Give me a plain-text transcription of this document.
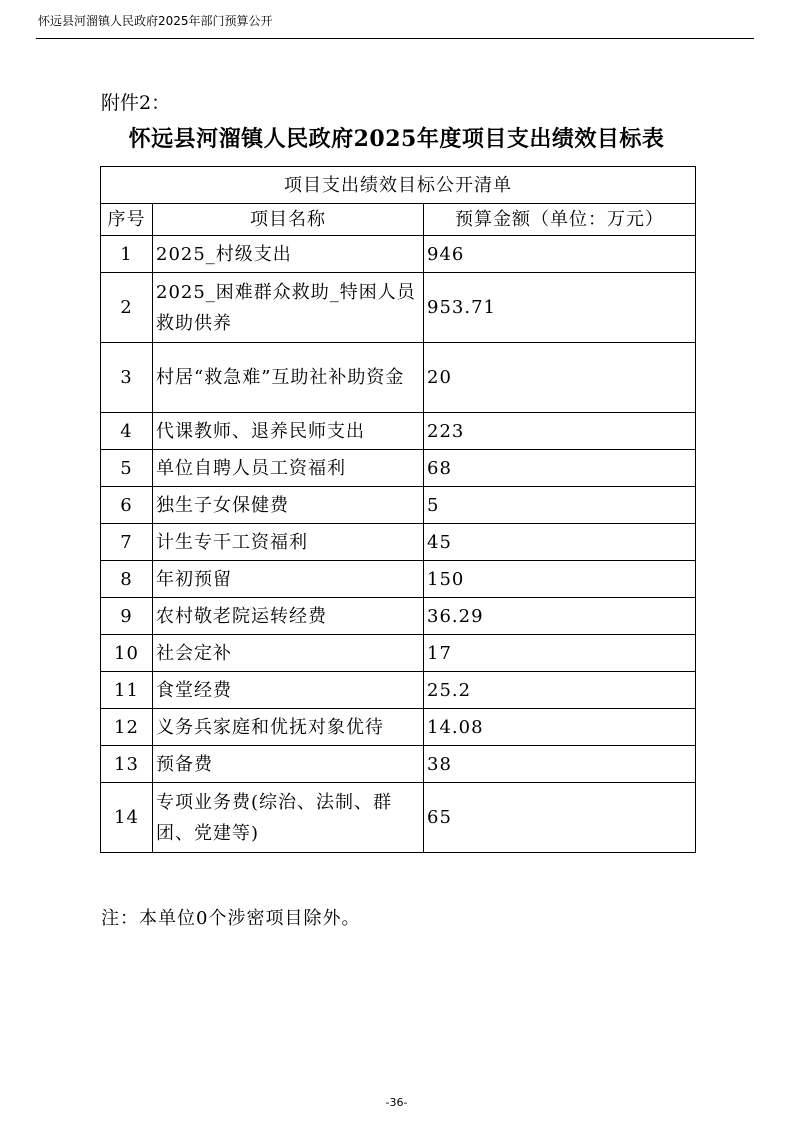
怀远县河溜镇人民政府2025年部门预算公开
附件2：
怀远县河溜镇人民政府2025年度项目支出绩效目标表
项目支出绩效目标公开清单		
序号	项目名称	预算金额（单位：万元）
1	2025_村级支出	946
2	2025_困难群众救助_特困人员救助供养	953.71
3	村居“救急难”互助社补助资金	20
4	代课教师、退养民师支出	223
5	单位自聘人员工资福利	68
6	独生子女保健费	5
7	计生专干工资福利	45
8	年初预留	150
9	农村敬老院运转经费	36.29
10	社会定补	17
11	食堂经费	25.2
12	义务兵家庭和优抚对象优待	14.08
13	预备费	38
14	专项业务费(综治、法制、群团、党建等)	65
注：本单位0个涉密项目除外。
-36-
